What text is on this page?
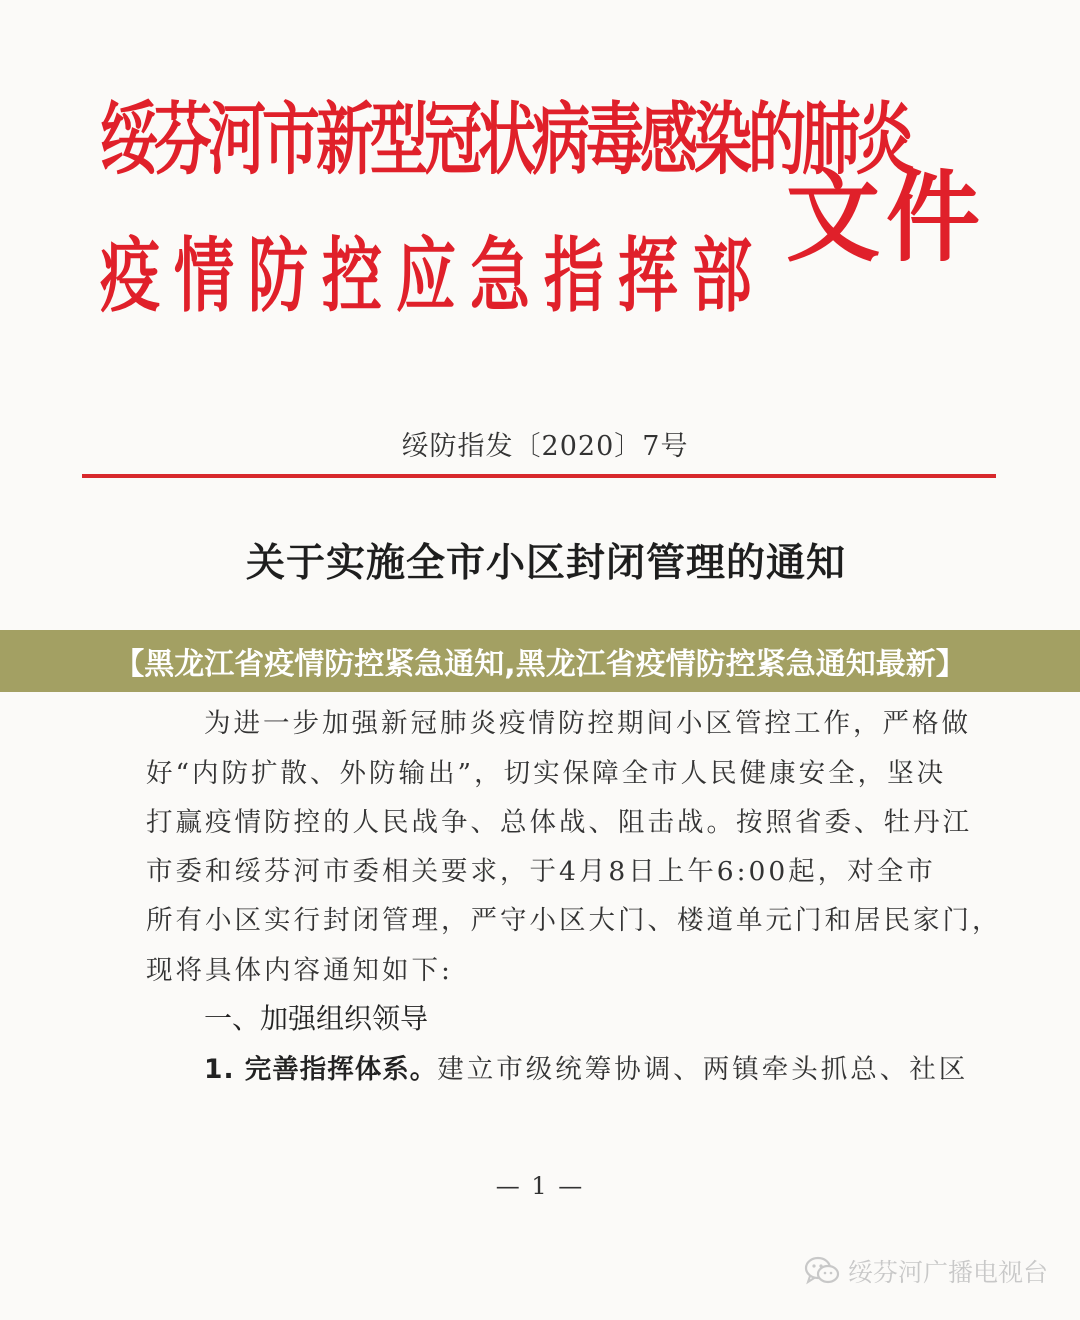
绥芬河市新型冠状病毒感染的肺炎
疫情防控应急指挥部
文件
绥防指发〔2020〕7号
关于实施全市小区封闭管理的通知
【黑龙江省疫情防控紧急通知,黑龙江省疫情防控紧急通知最新】
为进一步加强新冠肺炎疫情防控期间小区管控工作，严格做
好“内防扩散、外防输出”，切实保障全市人民健康安全，坚决
打赢疫情防控的人民战争、总体战、阻击战。按照省委、牡丹江
市委和绥芬河市委相关要求，于4月8日上午6:00起，对全市
所有小区实行封闭管理，严守小区大门、楼道单元门和居民家门，
现将具体内容通知如下:
一、加强组织领导
1. 完善指挥体系。建立市级统筹协调、两镇牵头抓总、社区
— 1 —
绥芬河广播电视台
